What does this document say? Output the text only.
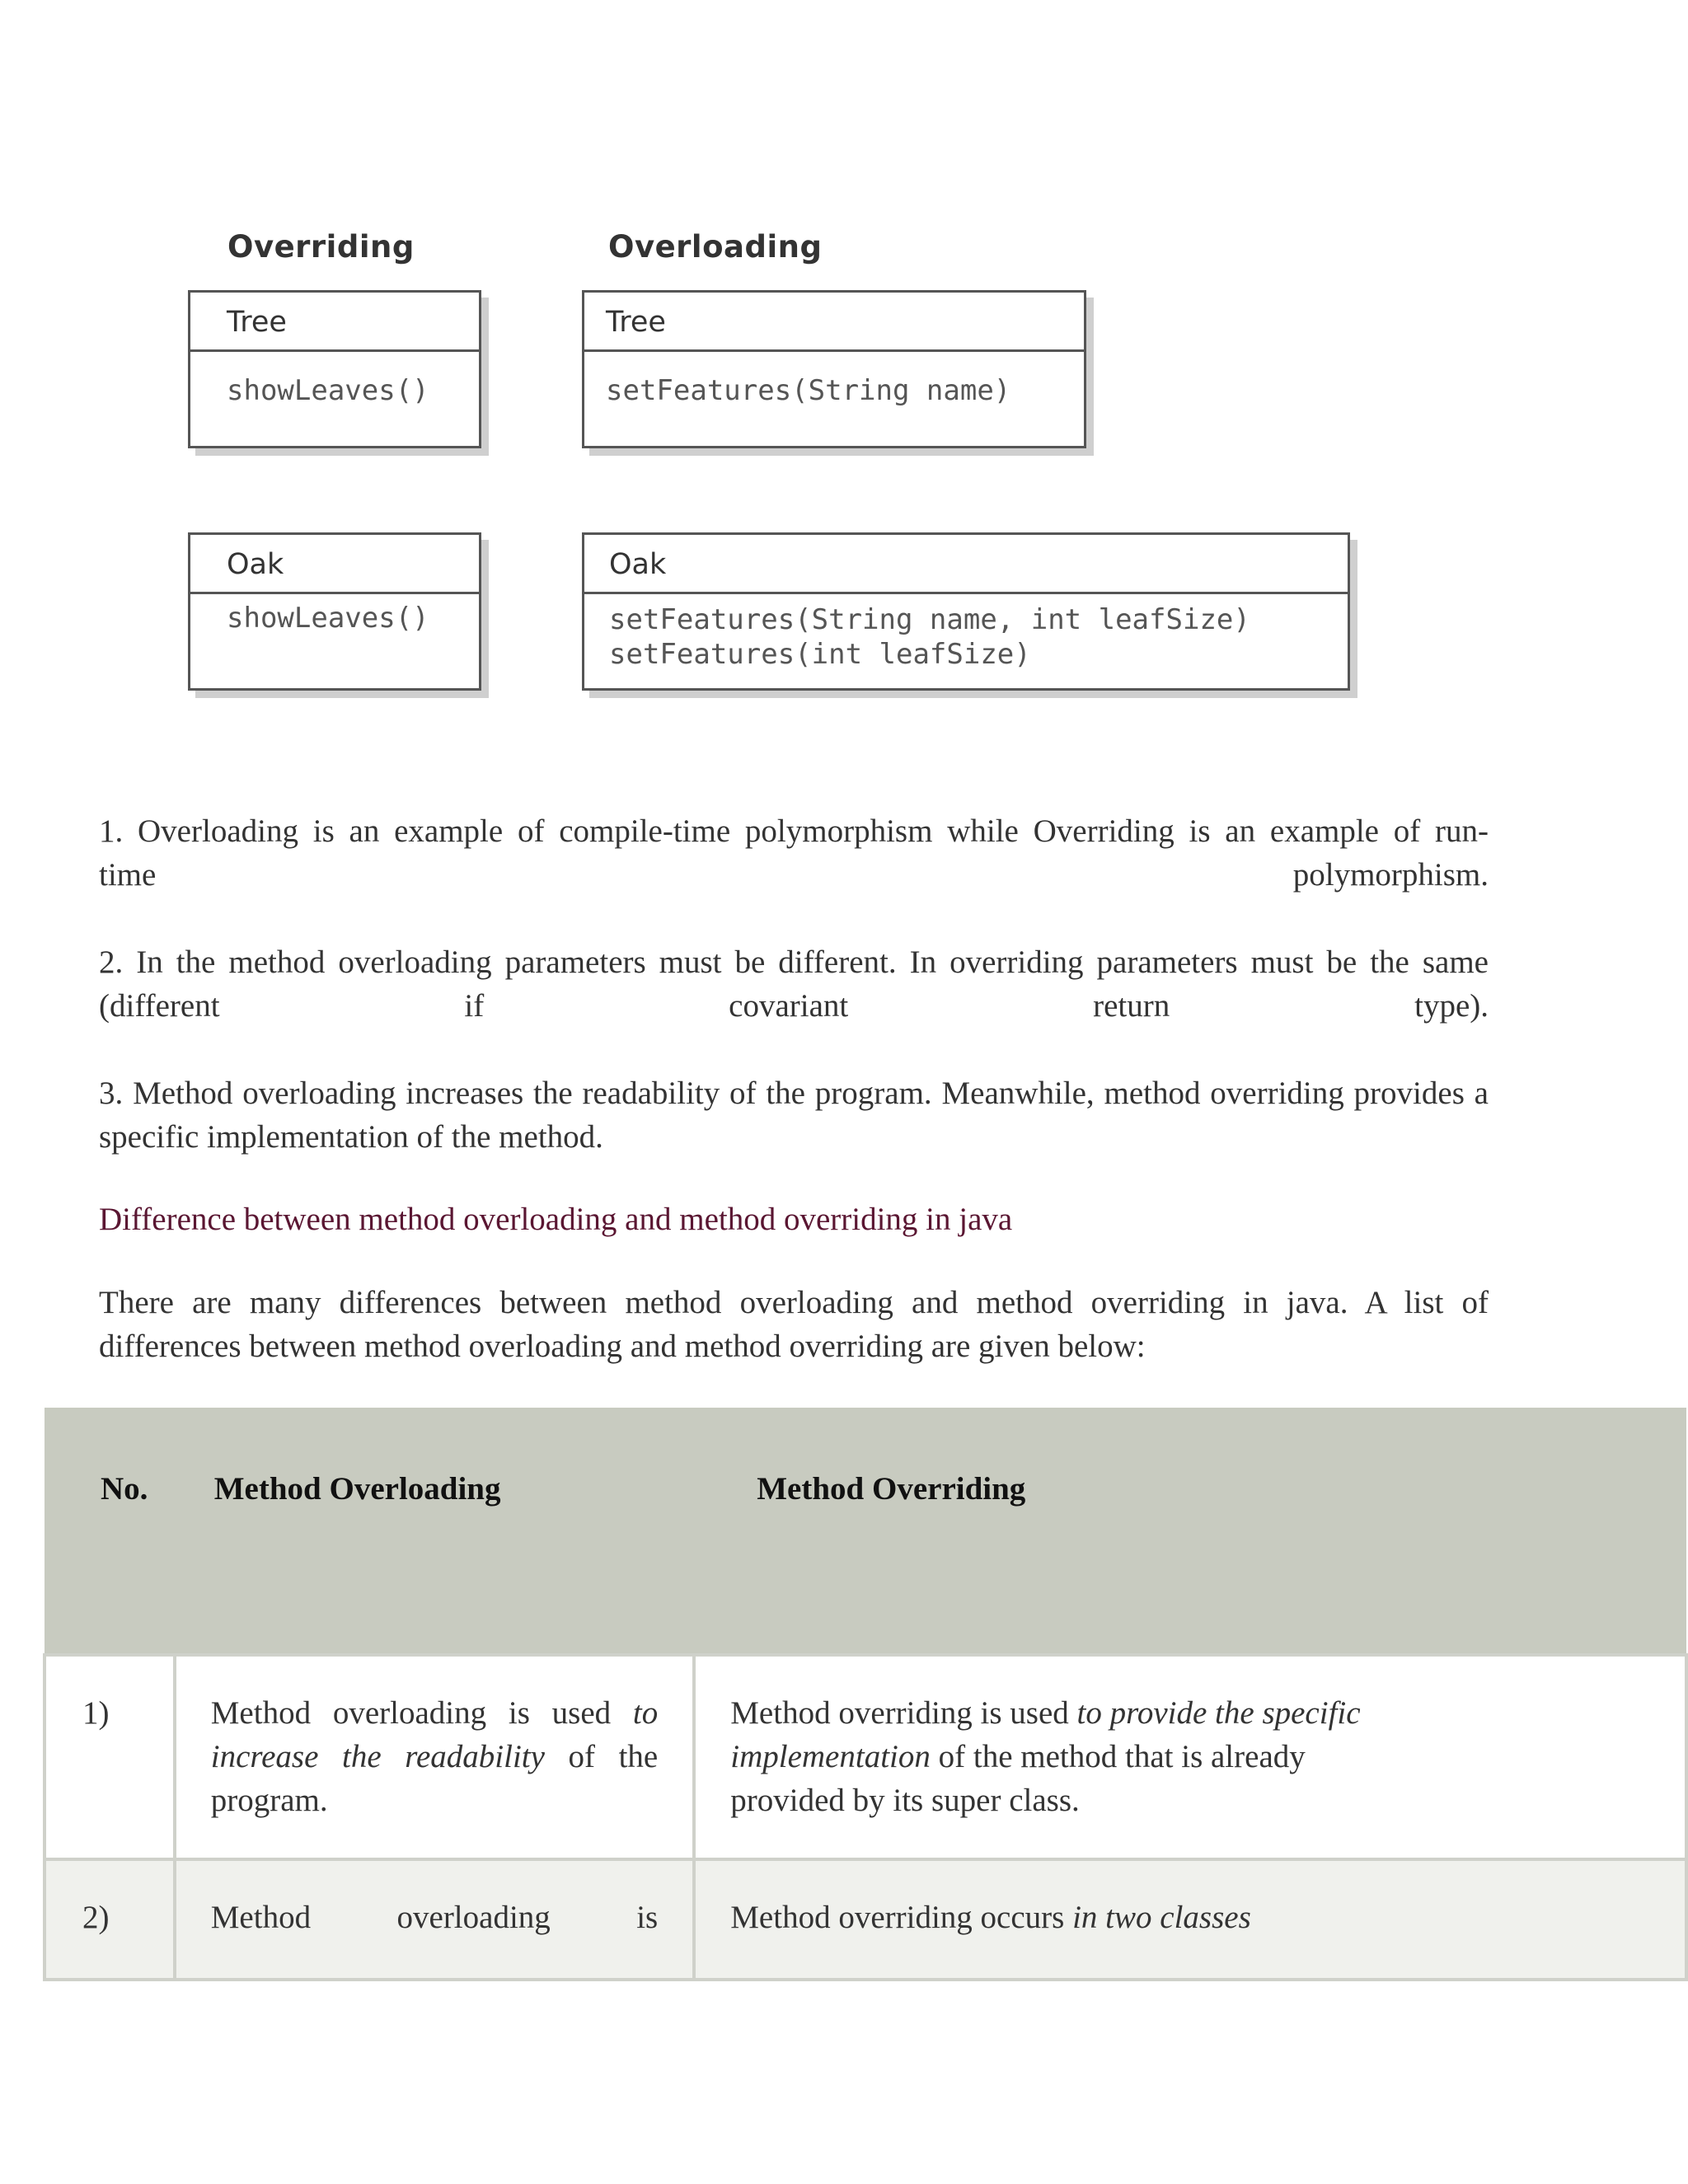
Overriding	Overloading
Tree
showLeaves()
Oak
showLeaves()
Tree
setFeatures(String name)
Oak
setFeatures(String name, int leafSize)
setFeatures(int leafSize)
1. Overloading is an example of compile-time polymorphism while Overriding is an example of run-
time	polymorphism.
2. In the method overloading parameters must be different. In overriding parameters must be the same
(different if covariant return type).
3. Method overloading increases the readability of the program. Meanwhile, method overriding provides a specific implementation of the method.
Difference between method overloading and method overriding in java
There are many differences between method overloading and method overriding in java. A list of differences between method overloading and method overriding are given below:
No.	Method Overloading	Method Overriding
1)	Method overloading is used to increase the readability of the program.	Method overriding is used to provide the specific implementation of the method that is already provided by its super class.
2)	Method overloading is	Method overriding occurs in two classes
